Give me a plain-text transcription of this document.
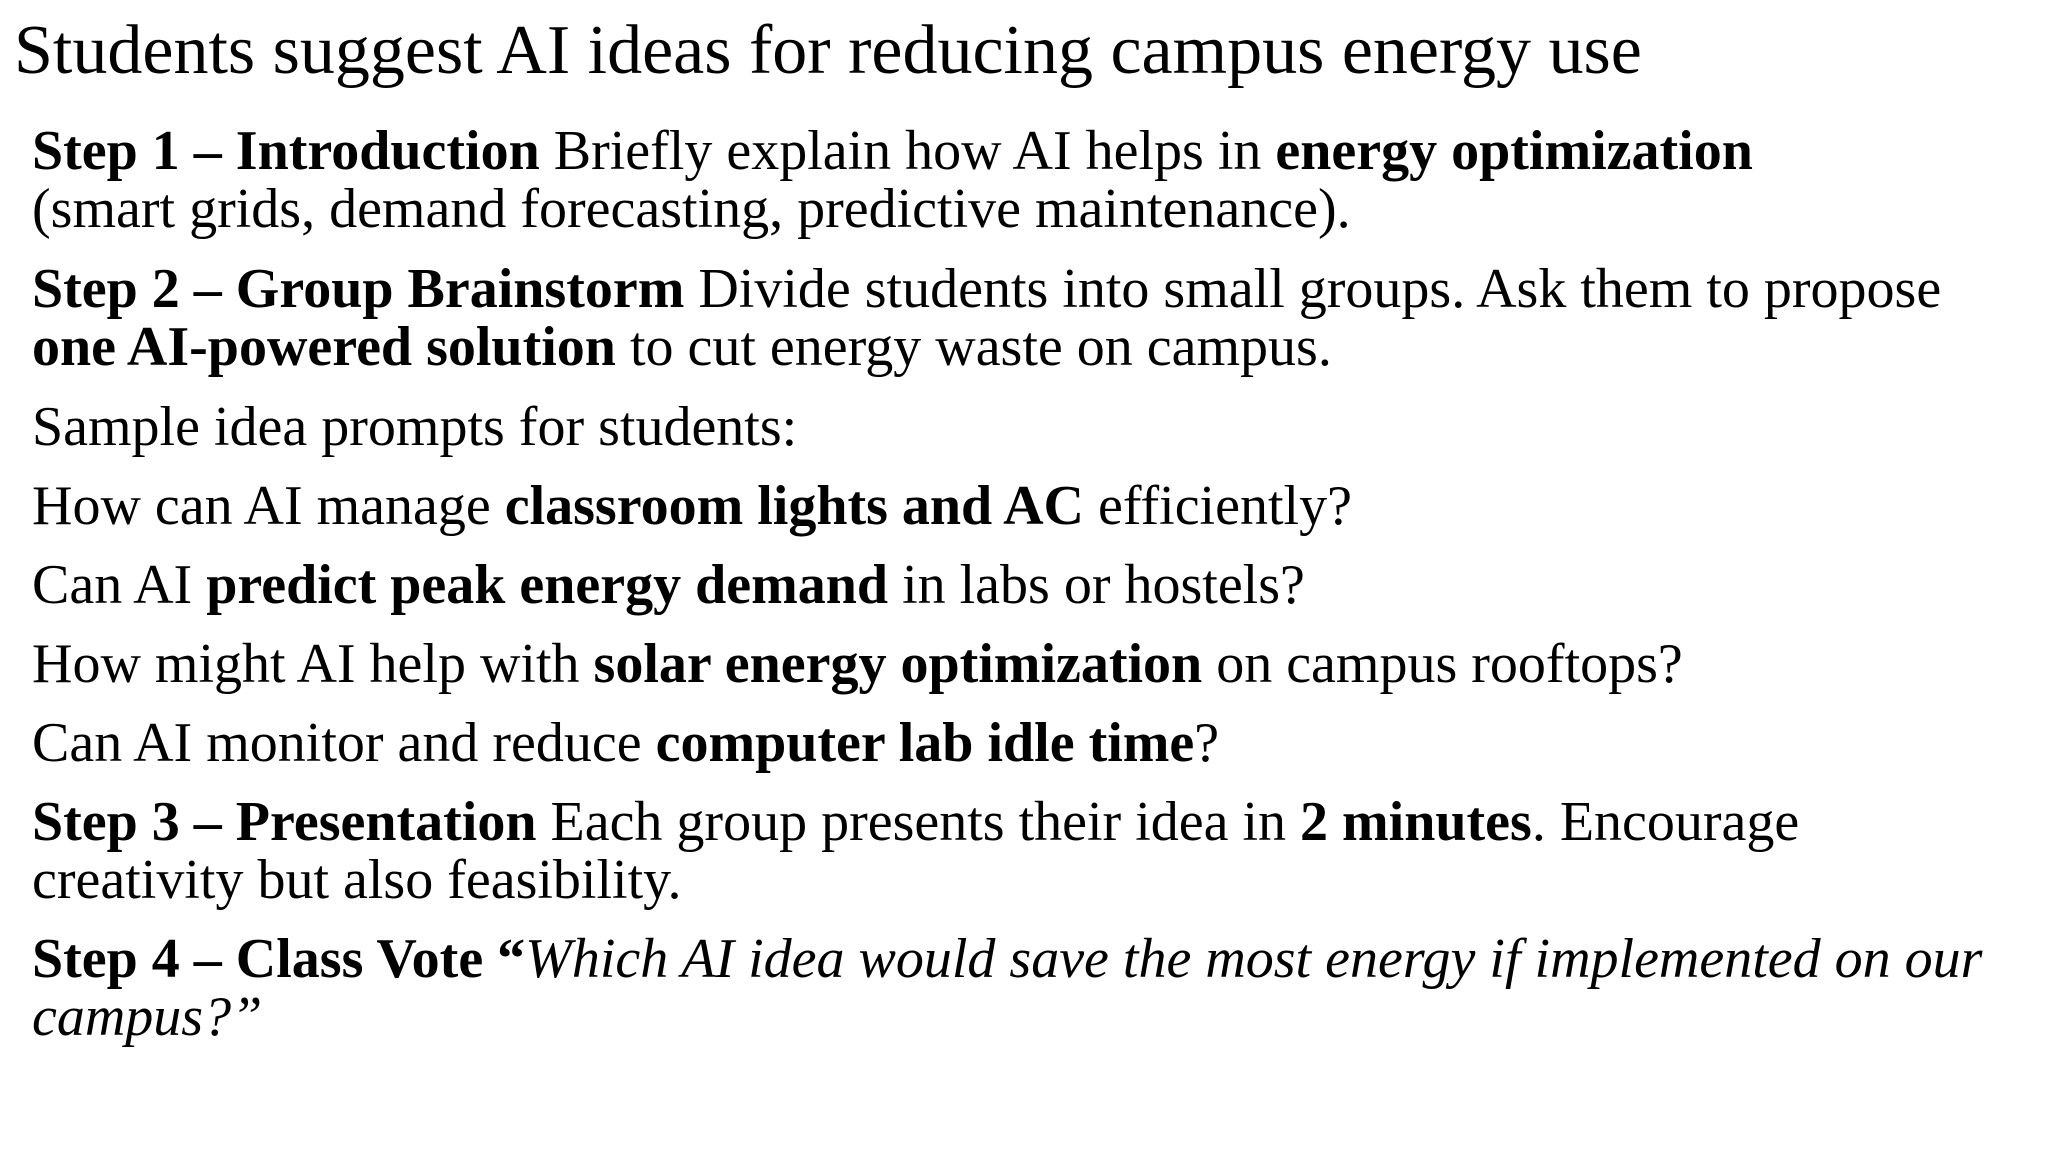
Students suggest AI ideas for reducing campus energy use

Step 1 – Introduction Briefly explain how AI helps in energy optimization
(smart grids, demand forecasting, predictive maintenance).

Step 2 – Group Brainstorm Divide students into small groups. Ask them to propose one AI-powered solution to cut energy waste on campus.

Sample idea prompts for students:

How can AI manage classroom lights and AC efficiently?

Can AI predict peak energy demand in labs or hostels?

How might AI help with solar energy optimization on campus rooftops?

Can AI monitor and reduce computer lab idle time?

Step 3 – Presentation Each group presents their idea in 2 minutes. Encourage creativity but also feasibility.

Step 4 – Class Vote “Which AI idea would save the most energy if implemented on our campus?”
